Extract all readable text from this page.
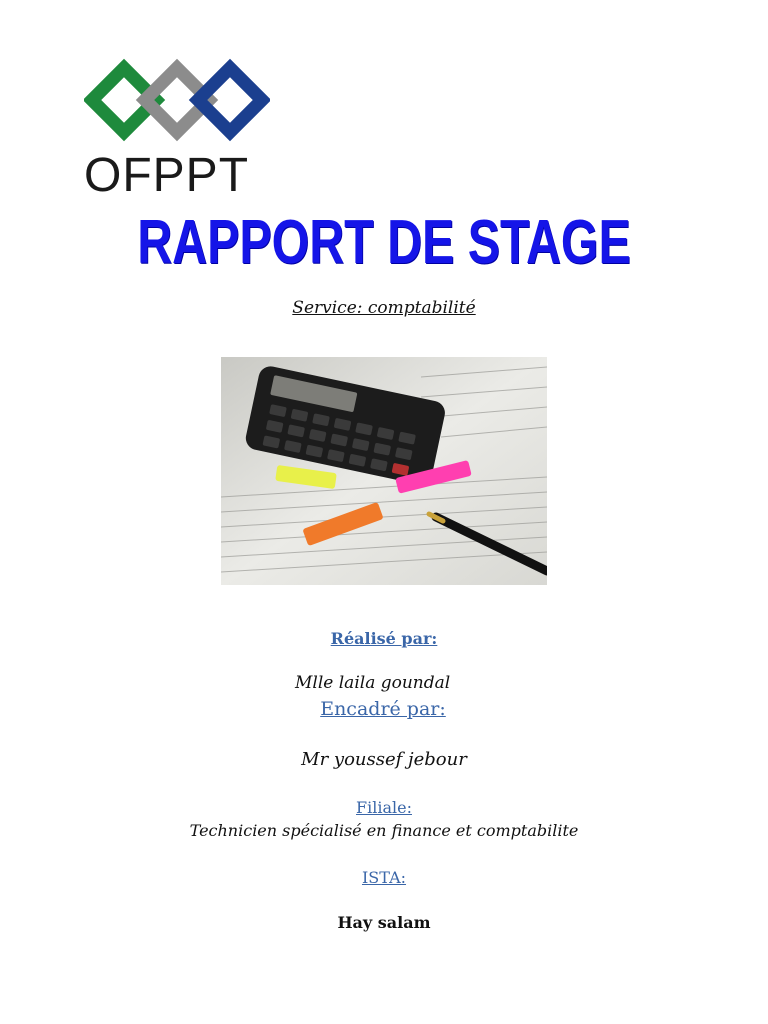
OFPPT
RAPPORT DE STAGE
Service: comptabilité
Réalisé par:
Mlle laila goundal
Encadré par:
Mr youssef jebour
Filiale:
Technicien spécialisé en finance et comptabilite
ISTA:
Hay salam
